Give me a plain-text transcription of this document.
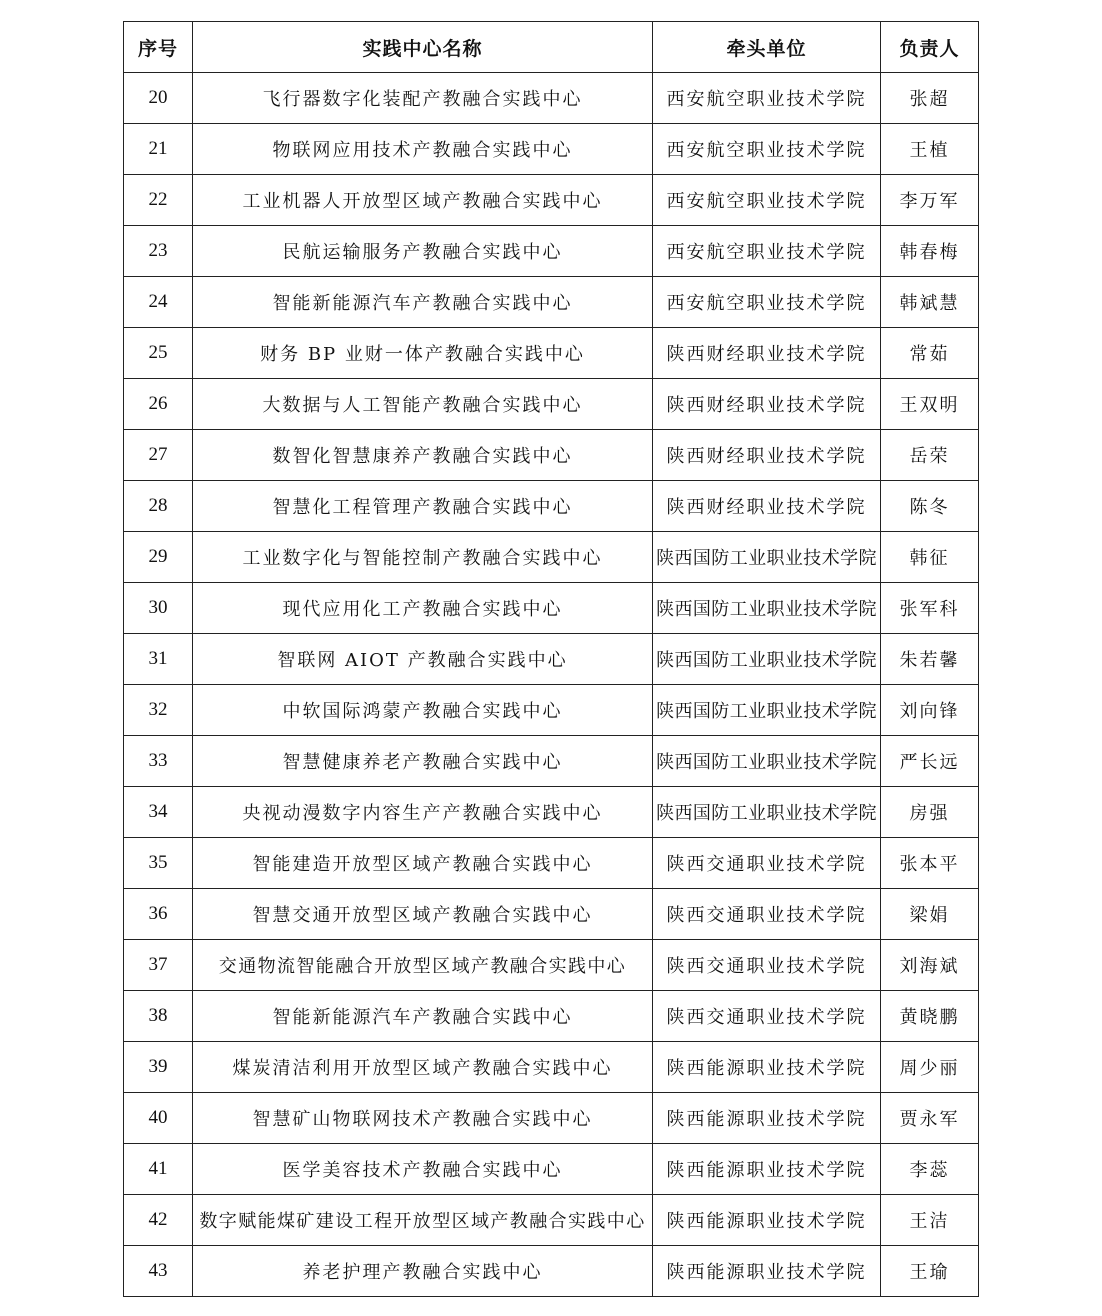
序号	实践中心名称	牵头单位	负责人
20	飞行器数字化装配产教融合实践中心	西安航空职业技术学院	张超
21	物联网应用技术产教融合实践中心	西安航空职业技术学院	王植
22	工业机器人开放型区域产教融合实践中心	西安航空职业技术学院	李万军
23	民航运输服务产教融合实践中心	西安航空职业技术学院	韩春梅
24	智能新能源汽车产教融合实践中心	西安航空职业技术学院	韩斌慧
25	财务 BP 业财一体产教融合实践中心	陕西财经职业技术学院	常茹
26	大数据与人工智能产教融合实践中心	陕西财经职业技术学院	王双明
27	数智化智慧康养产教融合实践中心	陕西财经职业技术学院	岳荣
28	智慧化工程管理产教融合实践中心	陕西财经职业技术学院	陈冬
29	工业数字化与智能控制产教融合实践中心	陕西国防工业职业技术学院	韩征
30	现代应用化工产教融合实践中心	陕西国防工业职业技术学院	张军科
31	智联网 AIOT 产教融合实践中心	陕西国防工业职业技术学院	朱若馨
32	中软国际鸿蒙产教融合实践中心	陕西国防工业职业技术学院	刘向锋
33	智慧健康养老产教融合实践中心	陕西国防工业职业技术学院	严长远
34	央视动漫数字内容生产产教融合实践中心	陕西国防工业职业技术学院	房强
35	智能建造开放型区域产教融合实践中心	陕西交通职业技术学院	张本平
36	智慧交通开放型区域产教融合实践中心	陕西交通职业技术学院	梁娟
37	交通物流智能融合开放型区域产教融合实践中心	陕西交通职业技术学院	刘海斌
38	智能新能源汽车产教融合实践中心	陕西交通职业技术学院	黄晓鹏
39	煤炭清洁利用开放型区域产教融合实践中心	陕西能源职业技术学院	周少丽
40	智慧矿山物联网技术产教融合实践中心	陕西能源职业技术学院	贾永军
41	医学美容技术产教融合实践中心	陕西能源职业技术学院	李蕊
42	数字赋能煤矿建设工程开放型区域产教融合实践中心	陕西能源职业技术学院	王洁
43	养老护理产教融合实践中心	陕西能源职业技术学院	王瑜
